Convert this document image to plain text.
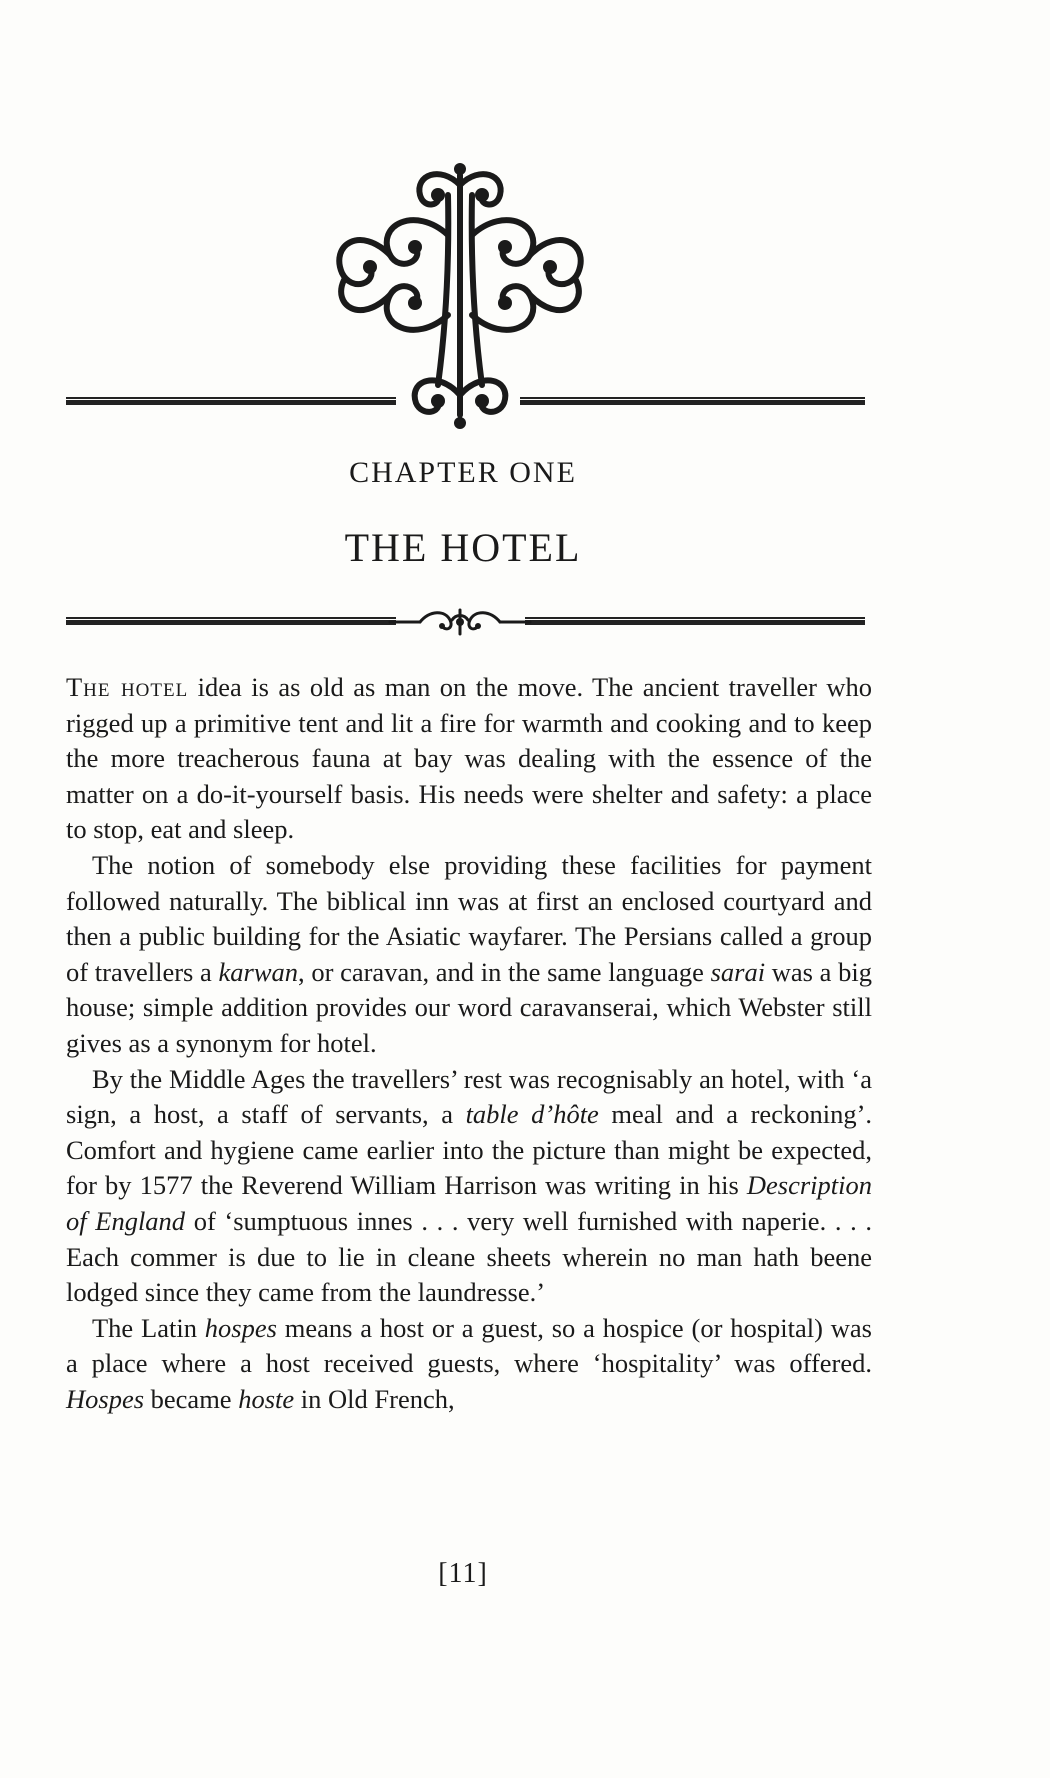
CHAPTER ONE
THE HOTEL

The hotel idea is as old as man on the move. The ancient traveller who rigged up a primitive tent and lit a fire for warmth and cooking and to keep the more treacherous fauna at bay was dealing with the essence of the matter on a do-it-yourself basis. His needs were shelter and safety: a place to stop, eat and sleep.

The notion of somebody else providing these facilities for payment followed naturally. The biblical inn was at first an enclosed courtyard and then a public building for the Asiatic wayfarer. The Persians called a group of travellers a karwan, or caravan, and in the same language sarai was a big house; simple addition provides our word caravanserai, which Webster still gives as a synonym for hotel.

By the Middle Ages the travellers’ rest was recognisably an hotel, with ‘a sign, a host, a staff of servants, a table d’hôte meal and a reckoning’. Comfort and hygiene came earlier into the picture than might be expected, for by 1577 the Reverend William Harrison was writing in his Description of England of ‘sumptuous innes . . . very well furnished with naperie. . . . Each commer is due to lie in cleane sheets wherein no man hath beene lodged since they came from the laundresse.’

The Latin hospes means a host or a guest, so a hospice (or hospital) was a place where a host received guests, where ‘hospitality’ was offered. Hospes became hoste in Old French,

[11]
